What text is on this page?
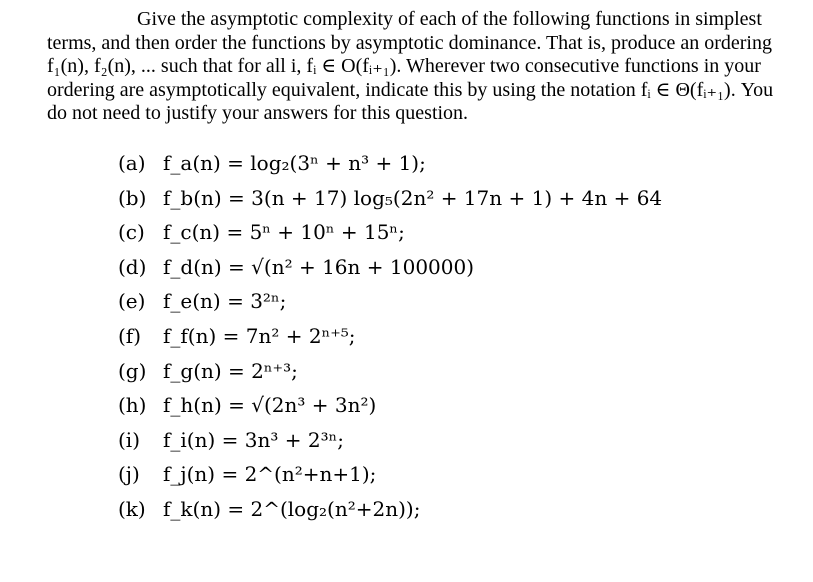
Give the asymptotic complexity of each of the following functions in simplest terms, and then order the functions by asymptotic dominance. That is, produce an ordering f₁(n), f₂(n), ... such that for all i, fᵢ ∈ O(fᵢ₊₁). Wherever two consecutive functions in your ordering are asymptotically equivalent, indicate this by using the notation fᵢ ∈ Θ(fᵢ₊₁). You do not need to justify your answers for this question.

(a) f_a(n) = log₂(3ⁿ + n³ + 1);
(b) f_b(n) = 3(n + 17) log₅(2n² + 17n + 1) + 4n + 64
(c) f_c(n) = 5ⁿ + 10ⁿ + 15ⁿ;
(d) f_d(n) = √(n² + 16n + 100000)
(e) f_e(n) = 3²ⁿ;
(f) f_f(n) = 7n² + 2ⁿ⁺⁵;
(g) f_g(n) = 2ⁿ⁺³;
(h) f_h(n) = √(2n³ + 3n²)
(i) f_i(n) = 3n³ + 2³ⁿ;
(j) f_j(n) = 2^(n²+n+1);
(k) f_k(n) = 2^(log₂(n²+2n));
